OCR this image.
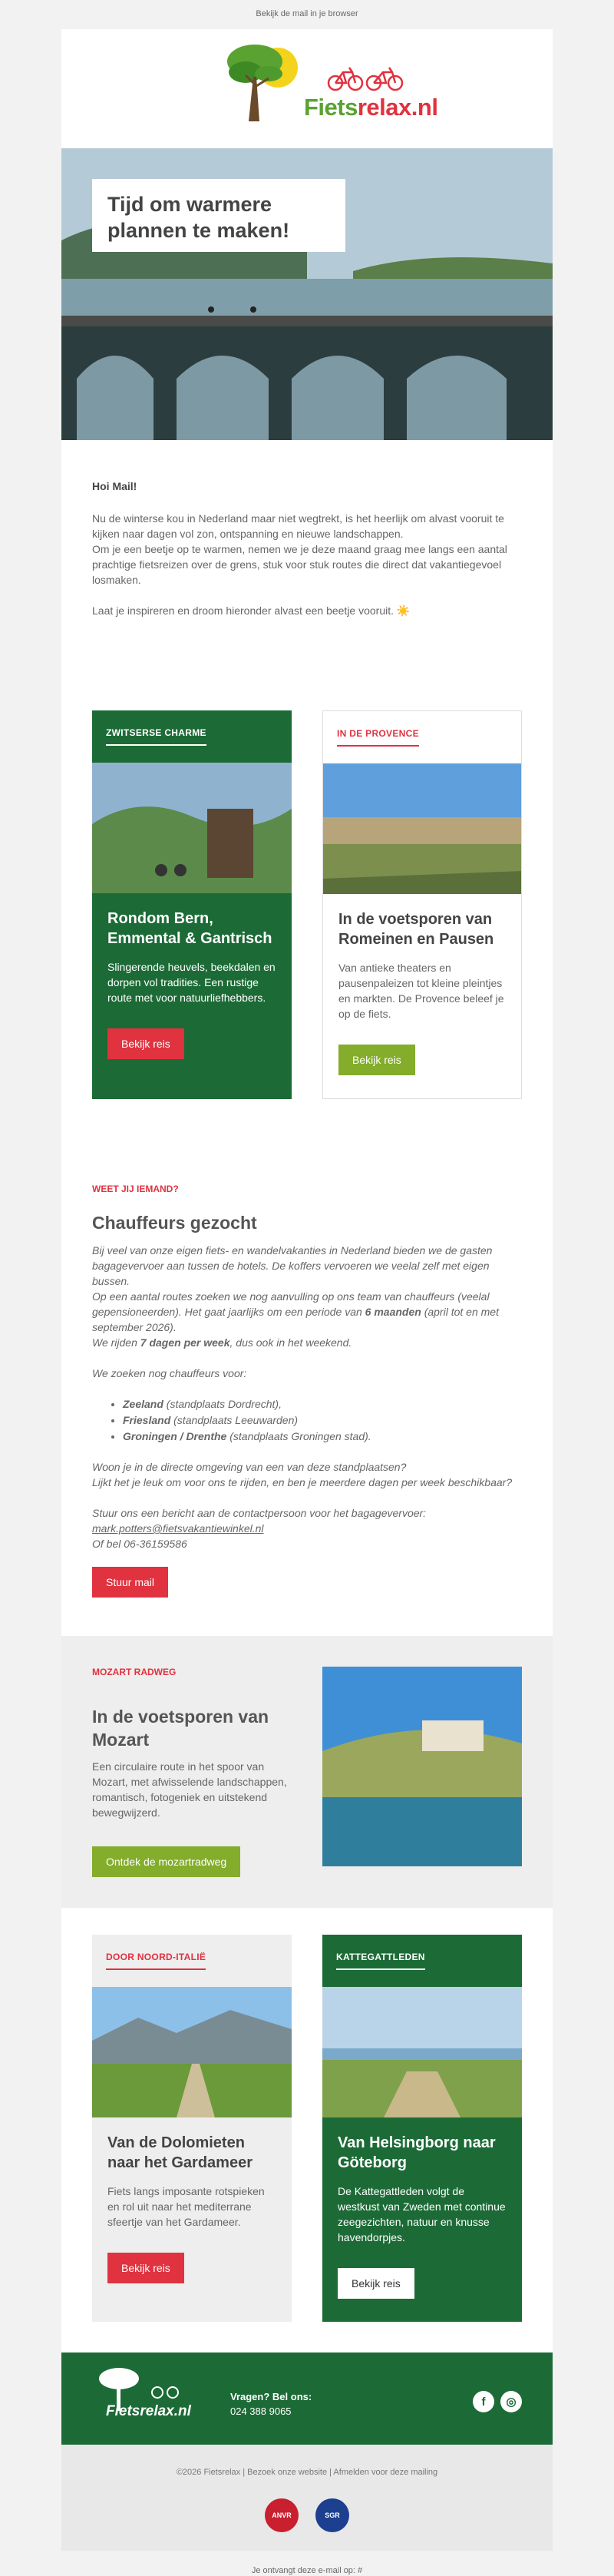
Bekijk de mail in je browser
Fietsrelax.nl
Tijd om warmere plannen te maken!
Hoi Mail!

Nu de winterse kou in Nederland maar niet wegtrekt, is het heerlijk om alvast vooruit te kijken naar dagen vol zon, ontspanning en nieuwe landschappen.
Om je een beetje op te warmen, nemen we je deze maand graag mee langs een aantal prachtige fietsreizen over de grens, stuk voor stuk routes die direct dat vakantiegevoel losmaken.

Laat je inspireren en droom hieronder alvast een beetje vooruit. ☀️

ZWITSERSE CHARME
Rondom Bern, Emmental & Gantrisch

Slingerende heuvels, beekdalen en dorpen vol tradities. Een rustige route met voor natuurliefhebbers.

Bekijk reis
IN DE PROVENCE
In de voetsporen van Romeinen en Pausen

Van antieke theaters en pausenpaleizen tot kleine pleintjes en markten. De Provence beleef je op de fiets.

Bekijk reis
WEET JIJ IEMAND?
Chauffeurs gezocht

Bij veel van onze eigen fiets- en wandelvakanties in Nederland bieden we de gasten bagagevervoer aan tussen de hotels. De koffers vervoeren we veelal zelf met eigen bussen.
Op een aantal routes zoeken we nog aanvulling op ons team van chauffeurs (veelal gepensioneerden). Het gaat jaarlijks om een periode van 6 maanden (april tot en met september 2026).
We rijden 7 dagen per week, dus ook in het weekend.

We zoeken nog chauffeurs voor:

• Zeeland (standplaats Dordrecht),
• Friesland (standplaats Leeuwarden)
• Groningen / Drenthe (standplaats Groningen stad).

Woon je in de directe omgeving van een van deze standplaatsen?
Lijkt het je leuk om voor ons te rijden, en ben je meerdere dagen per week beschikbaar?

Stuur ons een bericht aan de contactpersoon voor het bagagevervoer:
mark.potters@fietsvakantiewinkel.nl
Of bel 06-36159586

Stuur mail
MOZART RADWEG
In de voetsporen van Mozart

Een circulaire route in het spoor van Mozart, met afwisselende landschappen, romantisch, fotogeniek en uitstekend bewegwijzerd.

Ontdek de mozartradweg
DOOR NOORD-ITALIË
Van de Dolomieten naar het Gardameer

Fiets langs imposante rotspieken en rol uit naar het mediterrane sfeertje van het Gardameer.

Bekijk reis
KATTEGATTLEDEN
Van Helsingborg naar Göteborg

De Kattegattleden volgt de westkust van Zweden met continue zeegezichten, natuur en knusse havendorpjes.

Bekijk reis
Fietsrelax.nl
Vragen? Bel ons:
024 388 9065
f	◎
©2026 Fietsrelax | Bezoek onze website | Afmelden voor deze mailing
ANVR	SGR
Je ontvangt deze e-mail op: #
